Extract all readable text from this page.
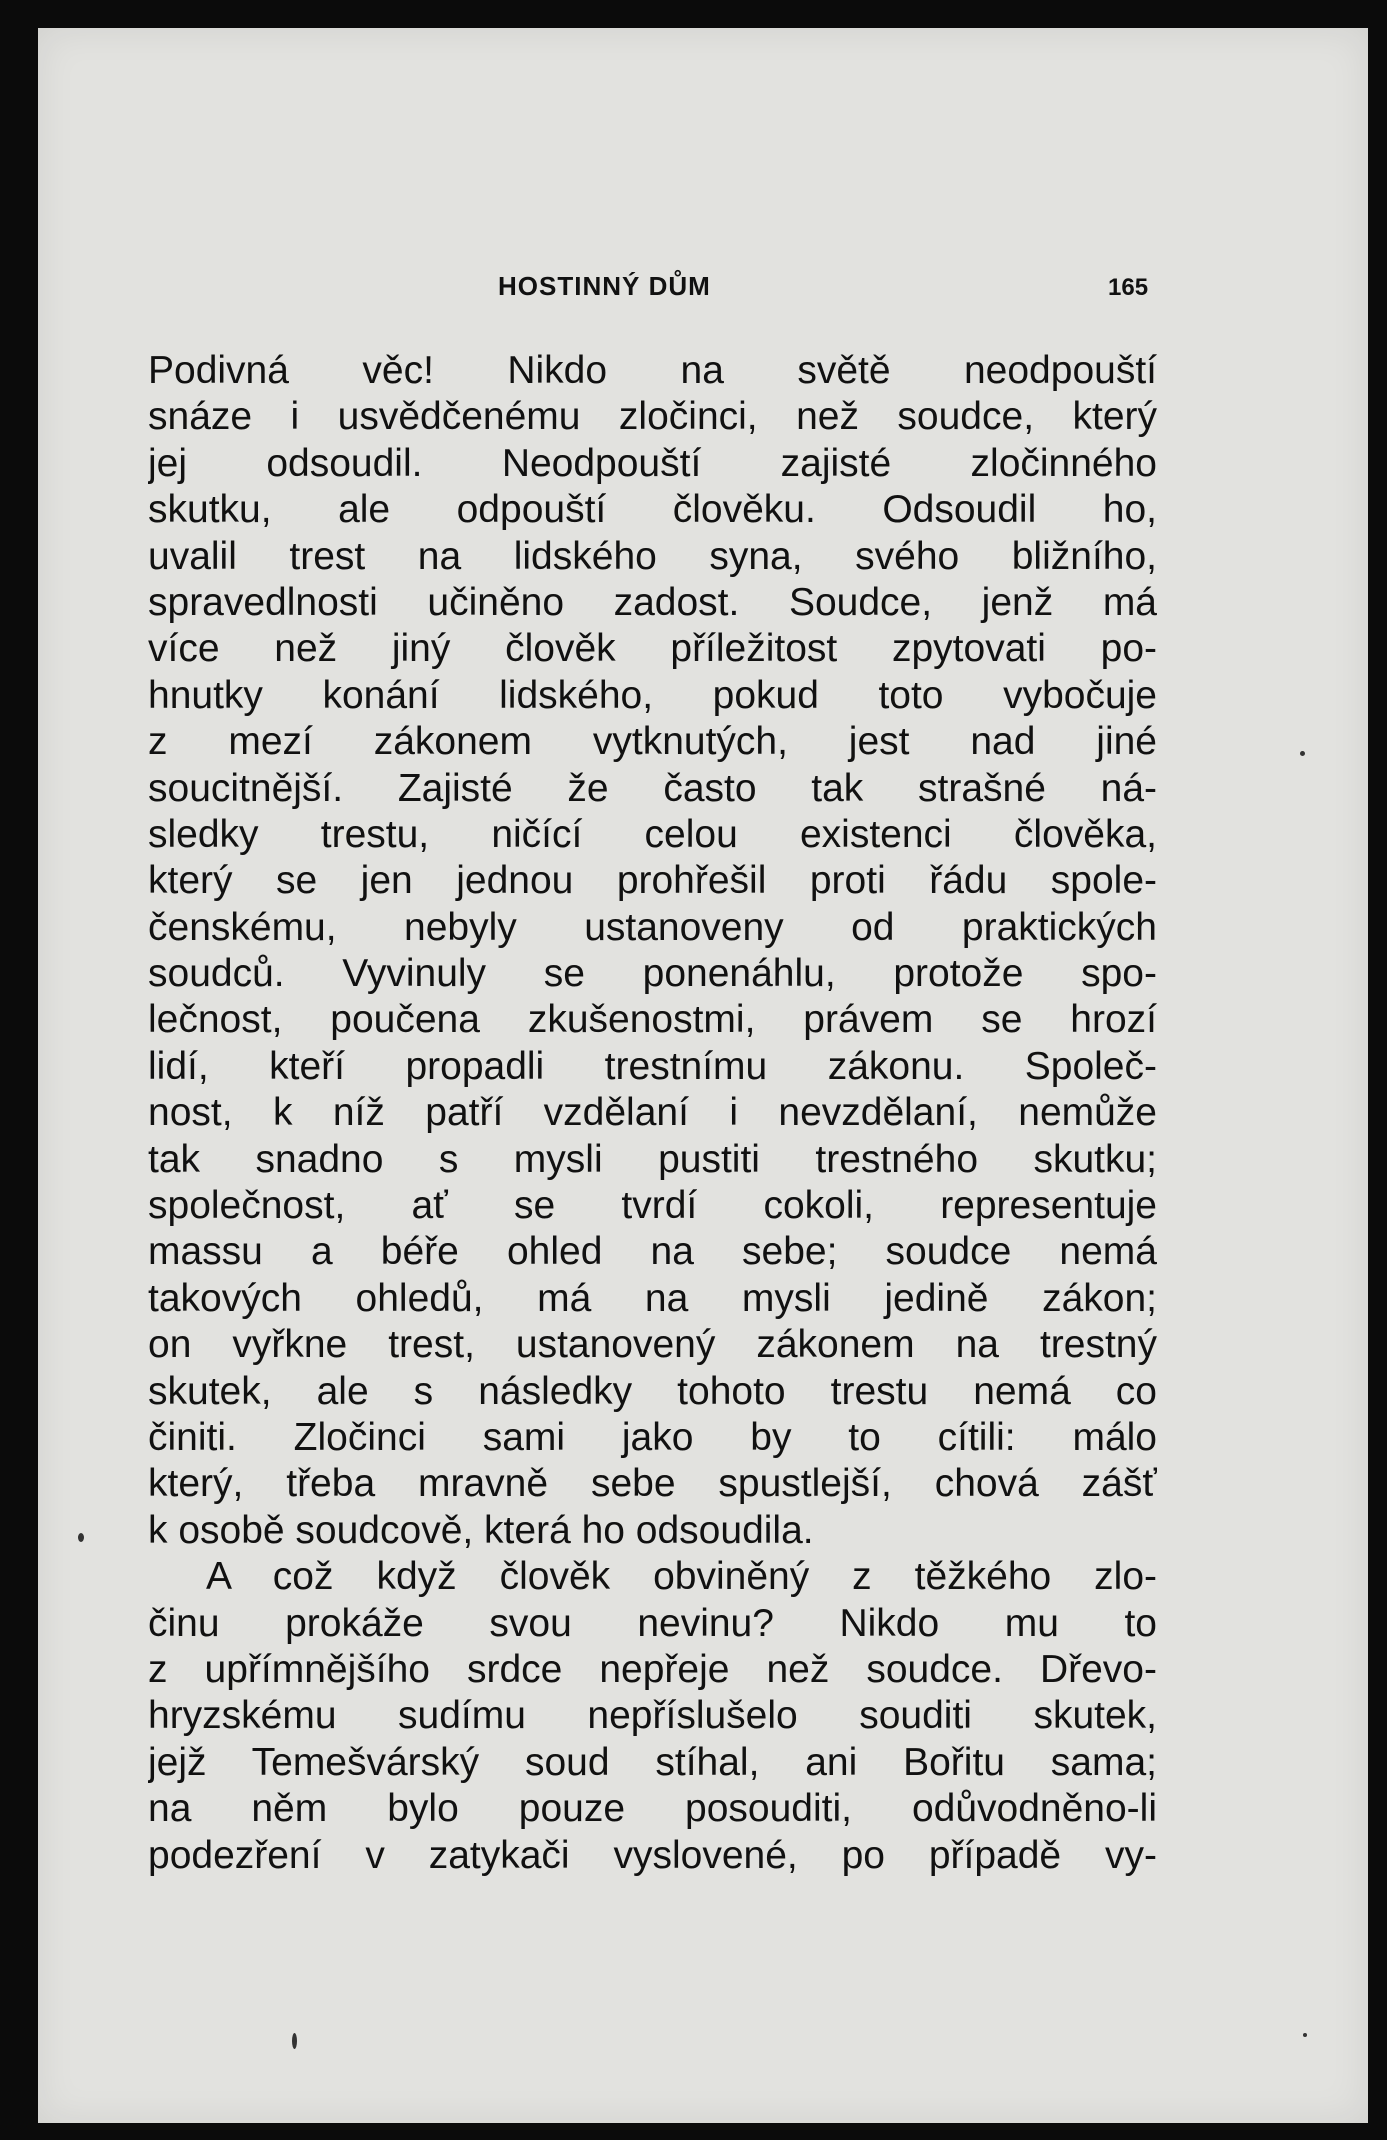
HOSTINNÝ DŮM	165
Podivná věc! Nikdo na světě neodpouští
snáze i usvědčenému zločinci, než soudce, který
jej odsoudil. Neodpouští zajisté zločinného
skutku, ale odpouští člověku. Odsoudil ho,
uvalil trest na lidského syna, svého bližního,
spravedlnosti učiněno zadost. Soudce, jenž má
více než jiný člověk příležitost zpytovati po-
hnutky konání lidského, pokud toto vybočuje
z mezí zákonem vytknutých, jest nad jiné
soucitnější. Zajisté že často tak strašné ná-
sledky trestu, ničící celou existenci člověka,
který se jen jednou prohřešil proti řádu spole-
čenskému, nebyly ustanoveny od praktických
soudců. Vyvinuly se ponenáhlu, protože spo-
lečnost, poučena zkušenostmi, právem se hrozí
lidí, kteří propadli trestnímu zákonu. Společ-
nost, k níž patří vzdělaní i nevzdělaní, nemůže
tak snadno s mysli pustiti trestného skutku;
společnost, ať se tvrdí cokoli, representuje
massu a béře ohled na sebe; soudce nemá
takových ohledů, má na mysli jedině zákon;
on vyřkne trest, ustanovený zákonem na trestný
skutek, ale s následky tohoto trestu nemá co
činiti. Zločinci sami jako by to cítili: málo
který, třeba mravně sebe spustlejší, chová zášť
k osobě soudcově, která ho odsoudila.
A což když člověk obviněný z těžkého zlo-
činu prokáže svou nevinu? Nikdo mu to
z upřímnějšího srdce nepřeje než soudce. Dřevo-
hryzskému sudímu nepříslušelo souditi skutek,
jejž Temešvárský soud stíhal, ani Bořitu sama;
na něm bylo pouze posouditi, odůvodněno-li
podezření v zatykači vyslovené, po případě vy-
